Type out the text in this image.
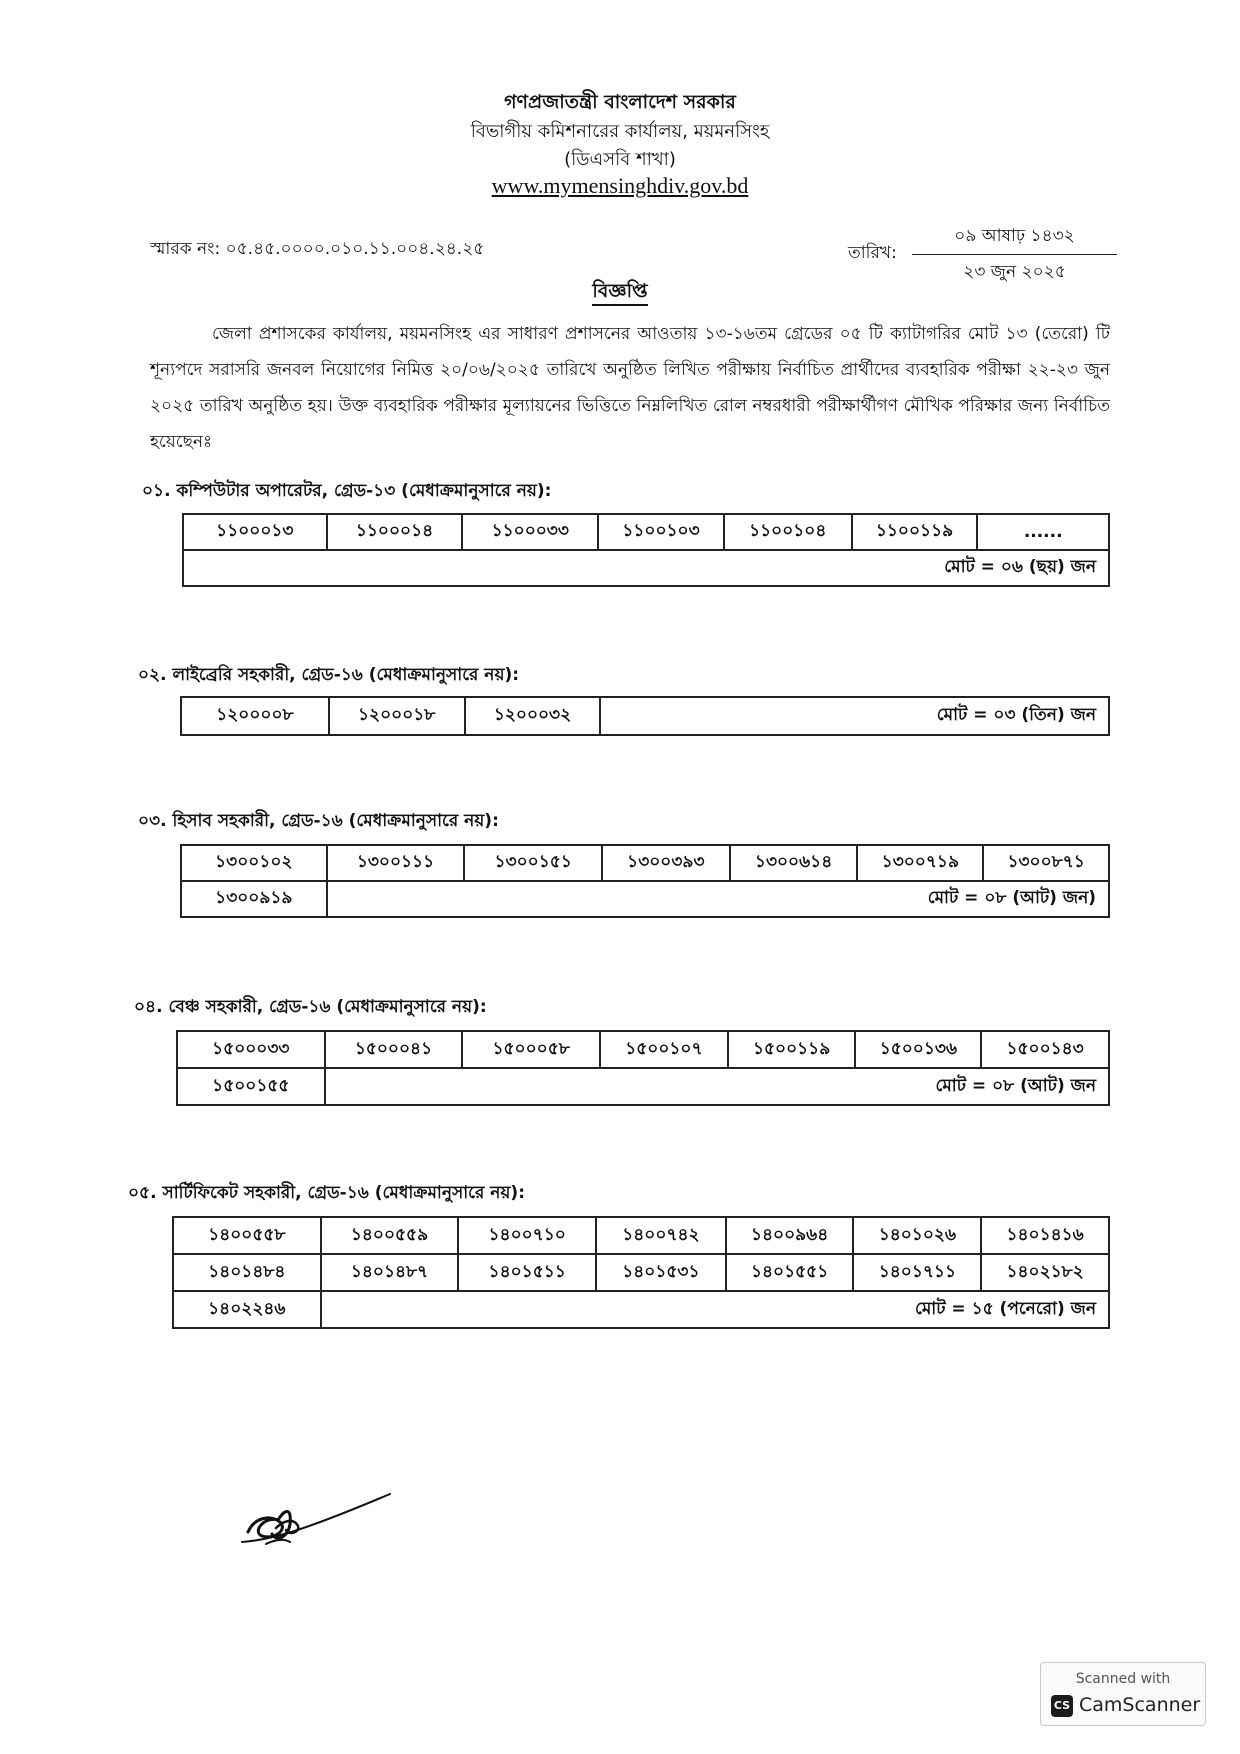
গণপ্রজাতন্ত্রী বাংলাদেশ সরকার
বিভাগীয় কমিশনারের কার্যালয়, ময়মনসিংহ
(ডিএসবি শাখা)
www.mymensinghdiv.gov.bd
স্মারক নং: ০৫.৪৫.০০০০.০১০.১১.০০৪.২৪.২৫	তারিখ:
০৯ আষাঢ় ১৪৩২
২৩ জুন ২০২৫
বিজ্ঞপ্তি

জেলা প্রশাসকের কার্যালয়, ময়মনসিংহ এর সাধারণ প্রশাসনের আওতায় ১৩-১৬তম গ্রেডের ০৫ টি ক্যাটাগরির মোট ১৩ (তেরো) টি শূন্যপদে সরাসরি জনবল নিয়োগের নিমিত্ত ২০/০৬/২০২৫ তারিখে অনুষ্ঠিত লিখিত পরীক্ষায় নির্বাচিত প্রার্থীদের ব্যবহারিক পরীক্ষা ২২-২৩ জুন ২০২৫ তারিখ অনুষ্ঠিত হয়। উক্ত ব্যবহারিক পরীক্ষার মূল্যায়নের ভিত্তিতে নিম্নলিখিত রোল নম্বরধারী পরীক্ষার্থীগণ মৌখিক পরিক্ষার জন্য নির্বাচিত হয়েছেনঃ

০১. কম্পিউটার অপারেটর, গ্রেড-১৩ (মেধাক্রমানুসারে নয়):
১১০০০১৩	১১০০০১৪	১১০০০৩৩	১১০০১০৩	১১০০১০৪	১১০০১১৯	......
মোট = ০৬ (ছয়) জন
০২. লাইব্রেরি সহকারী, গ্রেড-১৬ (মেধাক্রমানুসারে নয়):
১২০০০০৮	১২০০০১৮	১২০০০৩২	মোট = ০৩ (তিন) জন
০৩. হিসাব সহকারী, গ্রেড-১৬ (মেধাক্রমানুসারে নয়):
১৩০০১০২	১৩০০১১১	১৩০০১৫১	১৩০০৩৯৩	১৩০০৬১৪	১৩০০৭১৯	১৩০০৮৭১
১৩০০৯১৯	মোট = ০৮ (আট) জন)					
০৪. বেঞ্চ সহকারী, গ্রেড-১৬ (মেধাক্রমানুসারে নয়):
১৫০০০৩৩	১৫০০০৪১	১৫০০০৫৮	১৫০০১০৭	১৫০০১১৯	১৫০০১৩৬	১৫০০১৪৩
১৫০০১৫৫	মোট = ০৮ (আট) জন					
০৫. সার্টিফিকেট সহকারী, গ্রেড-১৬ (মেধাক্রমানুসারে নয়):
১৪০০৫৫৮	১৪০০৫৫৯	১৪০০৭১০	১৪০০৭৪২	১৪০০৯৬৪	১৪০১০২৬	১৪০১৪১৬
১৪০১৪৮৪	১৪০১৪৮৭	১৪০১৫১১	১৪০১৫৩১	১৪০১৫৫১	১৪০১৭১১	১৪০২১৮২
১৪০২২৪৬	মোট = ১৫ (পনেরো) জন					
Scanned with
CS CamScanner
